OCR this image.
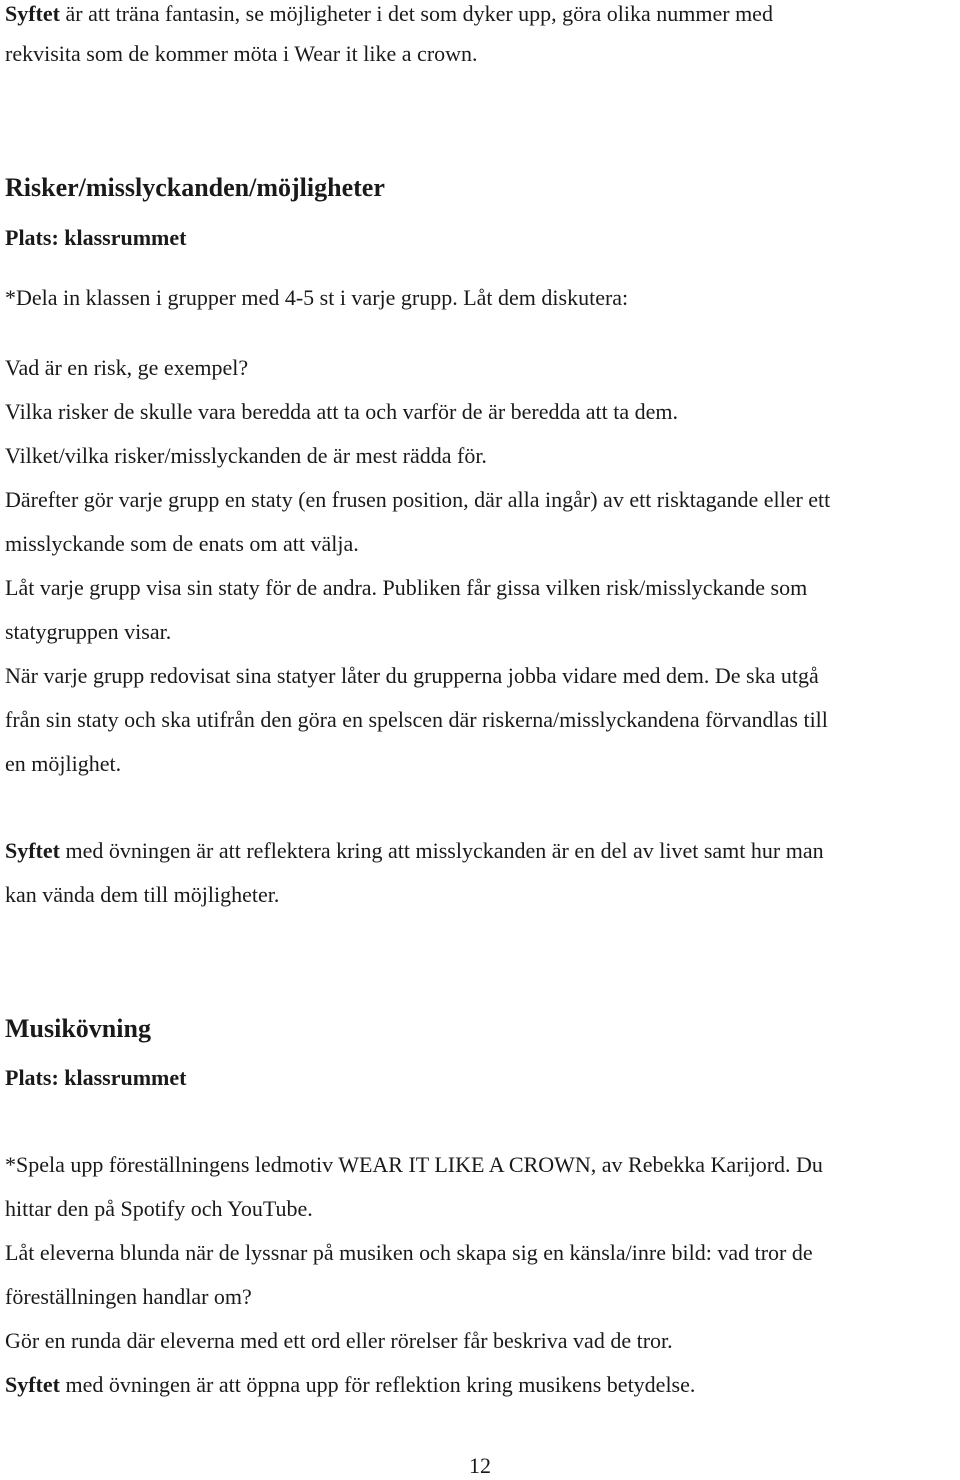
Syftet är att träna fantasin, se möjligheter i det som dyker upp, göra olika nummer med

rekvisita som de kommer möta i Wear it like a crown.

Risker/misslyckanden/möjligheter

Plats: klassrummet

*Dela in klassen i grupper med 4-5 st i varje grupp. Låt dem diskutera:

Vad är en risk, ge exempel?

Vilka risker de skulle vara beredda att ta och varför de är beredda att ta dem.

Vilket/vilka risker/misslyckanden de är mest rädda för.

Därefter gör varje grupp en staty (en frusen position, där alla ingår) av ett risktagande eller ett

misslyckande som de enats om att välja.

Låt varje grupp visa sin staty för de andra. Publiken får gissa vilken risk/misslyckande som

statygruppen visar.

När varje grupp redovisat sina statyer låter du grupperna jobba vidare med dem. De ska utgå

från sin staty och ska utifrån den göra en spelscen där riskerna/misslyckandena förvandlas till

en möjlighet.

Syftet med övningen är att reflektera kring att misslyckanden är en del av livet samt hur man

kan vända dem till möjligheter.

Musikövning

Plats: klassrummet

*Spela upp föreställningens ledmotiv WEAR IT LIKE A CROWN, av Rebekka Karijord. Du

hittar den på Spotify och YouTube.

Låt eleverna blunda när de lyssnar på musiken och skapa sig en känsla/inre bild: vad tror de

föreställningen handlar om?

Gör en runda där eleverna med ett ord eller rörelser får beskriva vad de tror.

Syftet med övningen är att öppna upp för reflektion kring musikens betydelse.

12
